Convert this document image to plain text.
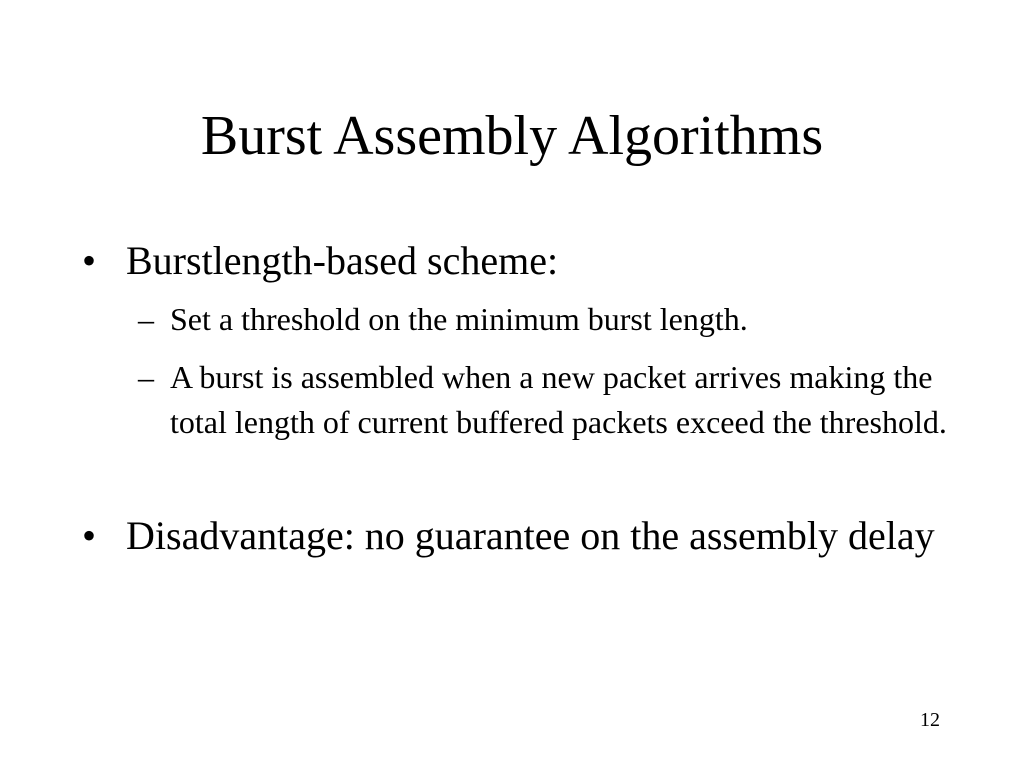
Burst Assembly Algorithms
• Burstlength-based scheme:
– Set a threshold on the minimum burst length.
– A burst is assembled when a new packet arrives making the total length of current buffered packets exceed the threshold.
• Disadvantage: no guarantee on the assembly delay
12
